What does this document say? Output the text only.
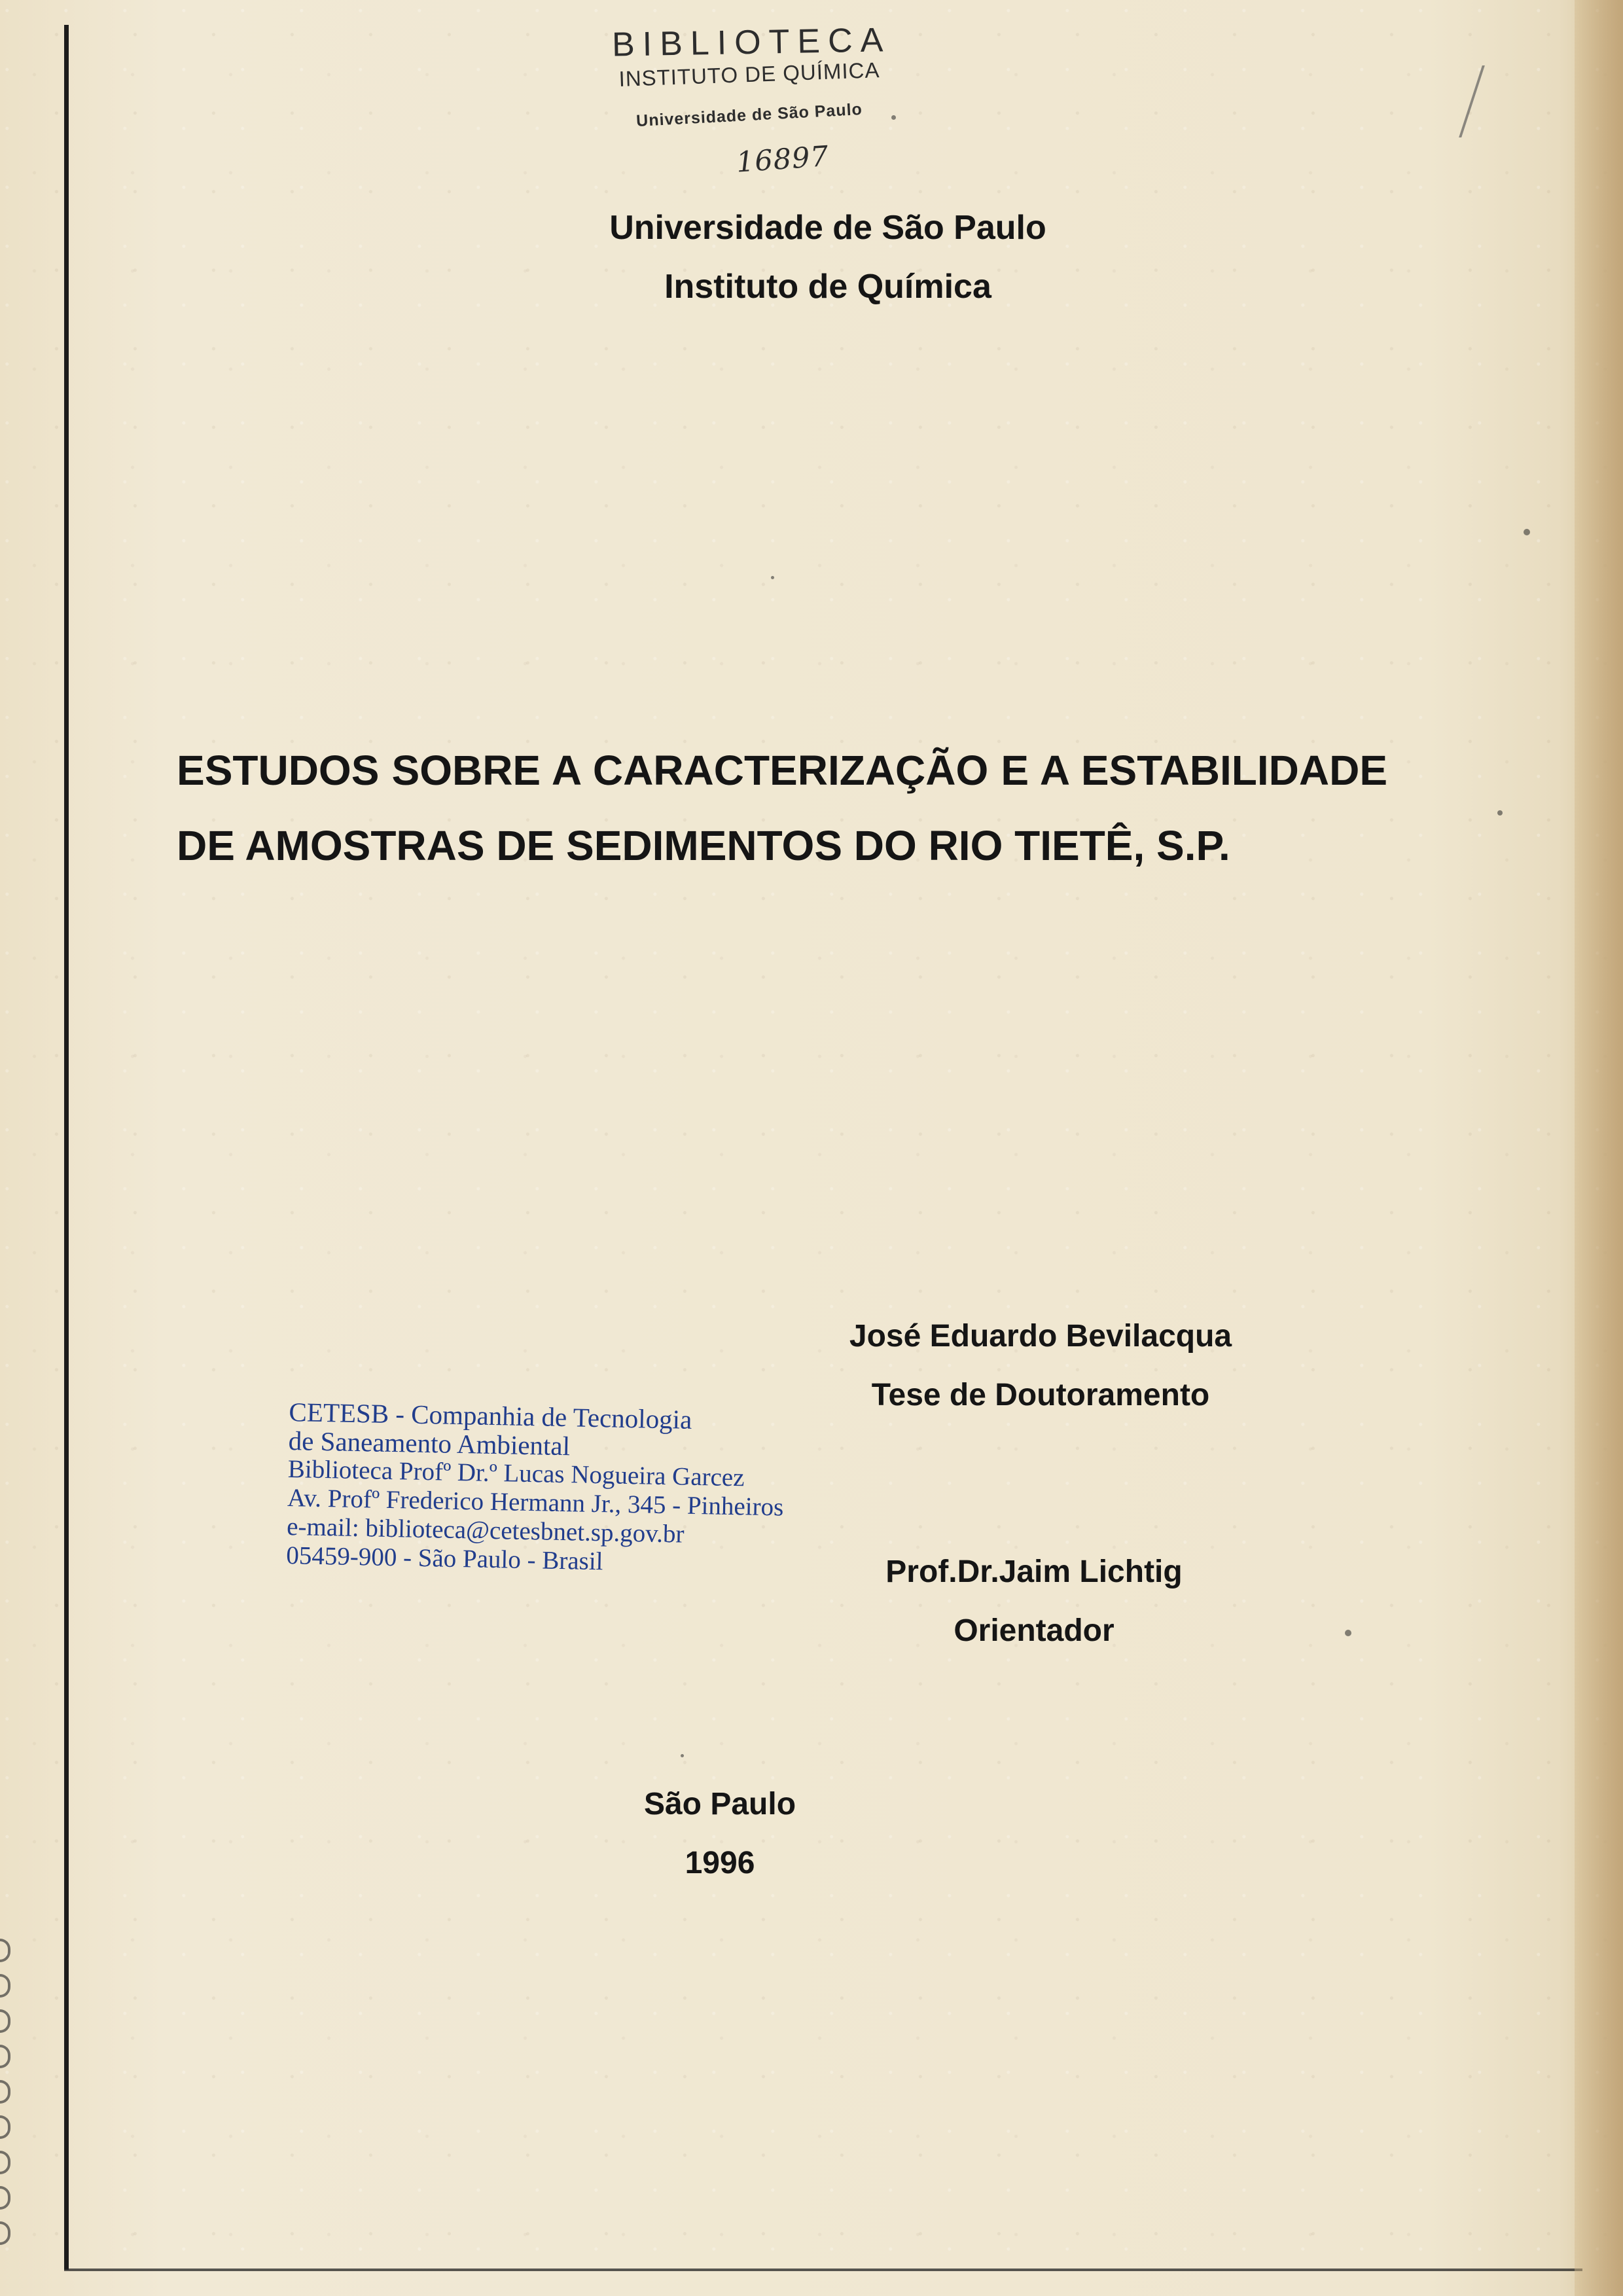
BIBLIOTECA
INSTITUTO DE QUÍMICA
Universidade de São Paulo
16897
Universidade de São Paulo
Instituto de Química
ESTUDOS SOBRE A CARACTERIZAÇÃO E A ESTABILIDADE DE AMOSTRAS DE SEDIMENTOS DO RIO TIETÊ, S.P.
CETESB - Companhia de Tecnologia
de Saneamento Ambiental
Biblioteca Profº Dr.º Lucas Nogueira Garcez
Av. Profº Frederico Hermann Jr., 345 - Pinheiros
e-mail: biblioteca@cetesbnet.sp.gov.br
05459-900 - São Paulo - Brasil
José Eduardo Bevilacqua
Tese de Doutoramento
Prof.Dr.Jaim Lichtig
Orientador
São Paulo
1996
